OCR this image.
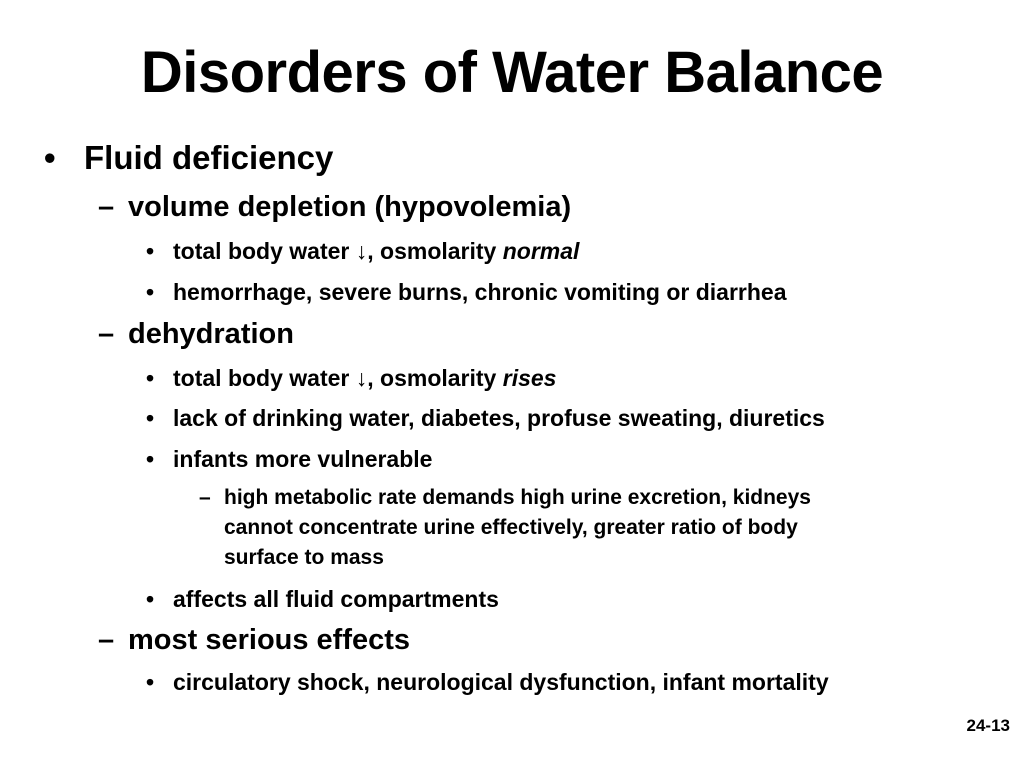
Disorders of Water Balance
• Fluid deficiency
– volume depletion (hypovolemia)
• total body water ↓, osmolarity normal
• hemorrhage, severe burns, chronic vomiting or diarrhea
– dehydration
• total body water ↓, osmolarity rises
• lack of drinking water, diabetes, profuse sweating, diuretics
• infants more vulnerable
– high metabolic rate demands high urine excretion, kidneys
cannot concentrate urine effectively, greater ratio of body
surface to mass
• affects all fluid compartments
– most serious effects
• circulatory shock, neurological dysfunction, infant mortality
24-13
